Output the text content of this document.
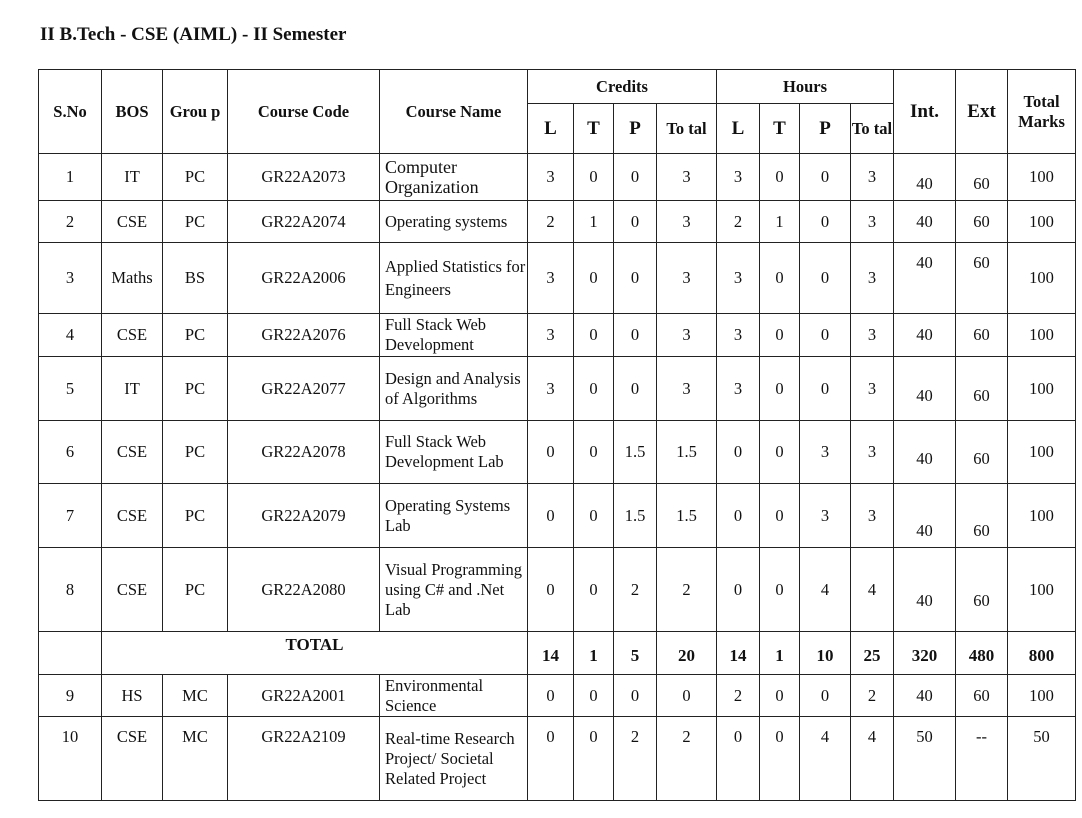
II B.Tech - CSE (AIML) - II Semester
S.No	BOS	Grou p	Course Code	Course Name	Credits				Hours				Int.	Ext	Total Marks
					L	T	P	To tal	L	T	P	To tal			
1	IT	PC	GR22A2073	Computer Organization	3	0	0	3	3	0	0	3	40	60	100
2	CSE	PC	GR22A2074	Operating systems	2	1	0	3	2	1	0	3	40	60	100
3	Maths	BS	GR22A2006	Applied Statistics for Engineers	3	0	0	3	3	0	0	3	40	60	100
4	CSE	PC	GR22A2076	Full Stack Web Development	3	0	0	3	3	0	0	3	40	60	100
5	IT	PC	GR22A2077	Design and Analysis of Algorithms	3	0	0	3	3	0	0	3	40	60	100
6	CSE	PC	GR22A2078	Full Stack Web Development Lab	0	0	1.5	1.5	0	0	3	3	40	60	100
7	CSE	PC	GR22A2079	Operating Systems Lab	0	0	1.5	1.5	0	0	3	3	40	60	100
8	CSE	PC	GR22A2080	Visual Programming using C# and .Net Lab	0	0	2	2	0	0	4	4	40	60	100
	TOTAL				14	1	5	20	14	1	10	25	320	480	800
9	HS	MC	GR22A2001	Environmental Science	0	0	0	0	2	0	0	2	40	60	100
10	CSE	MC	GR22A2109	Real-time Research Project/ Societal Related Project	0	0	2	2	0	0	4	4	50	--	50
